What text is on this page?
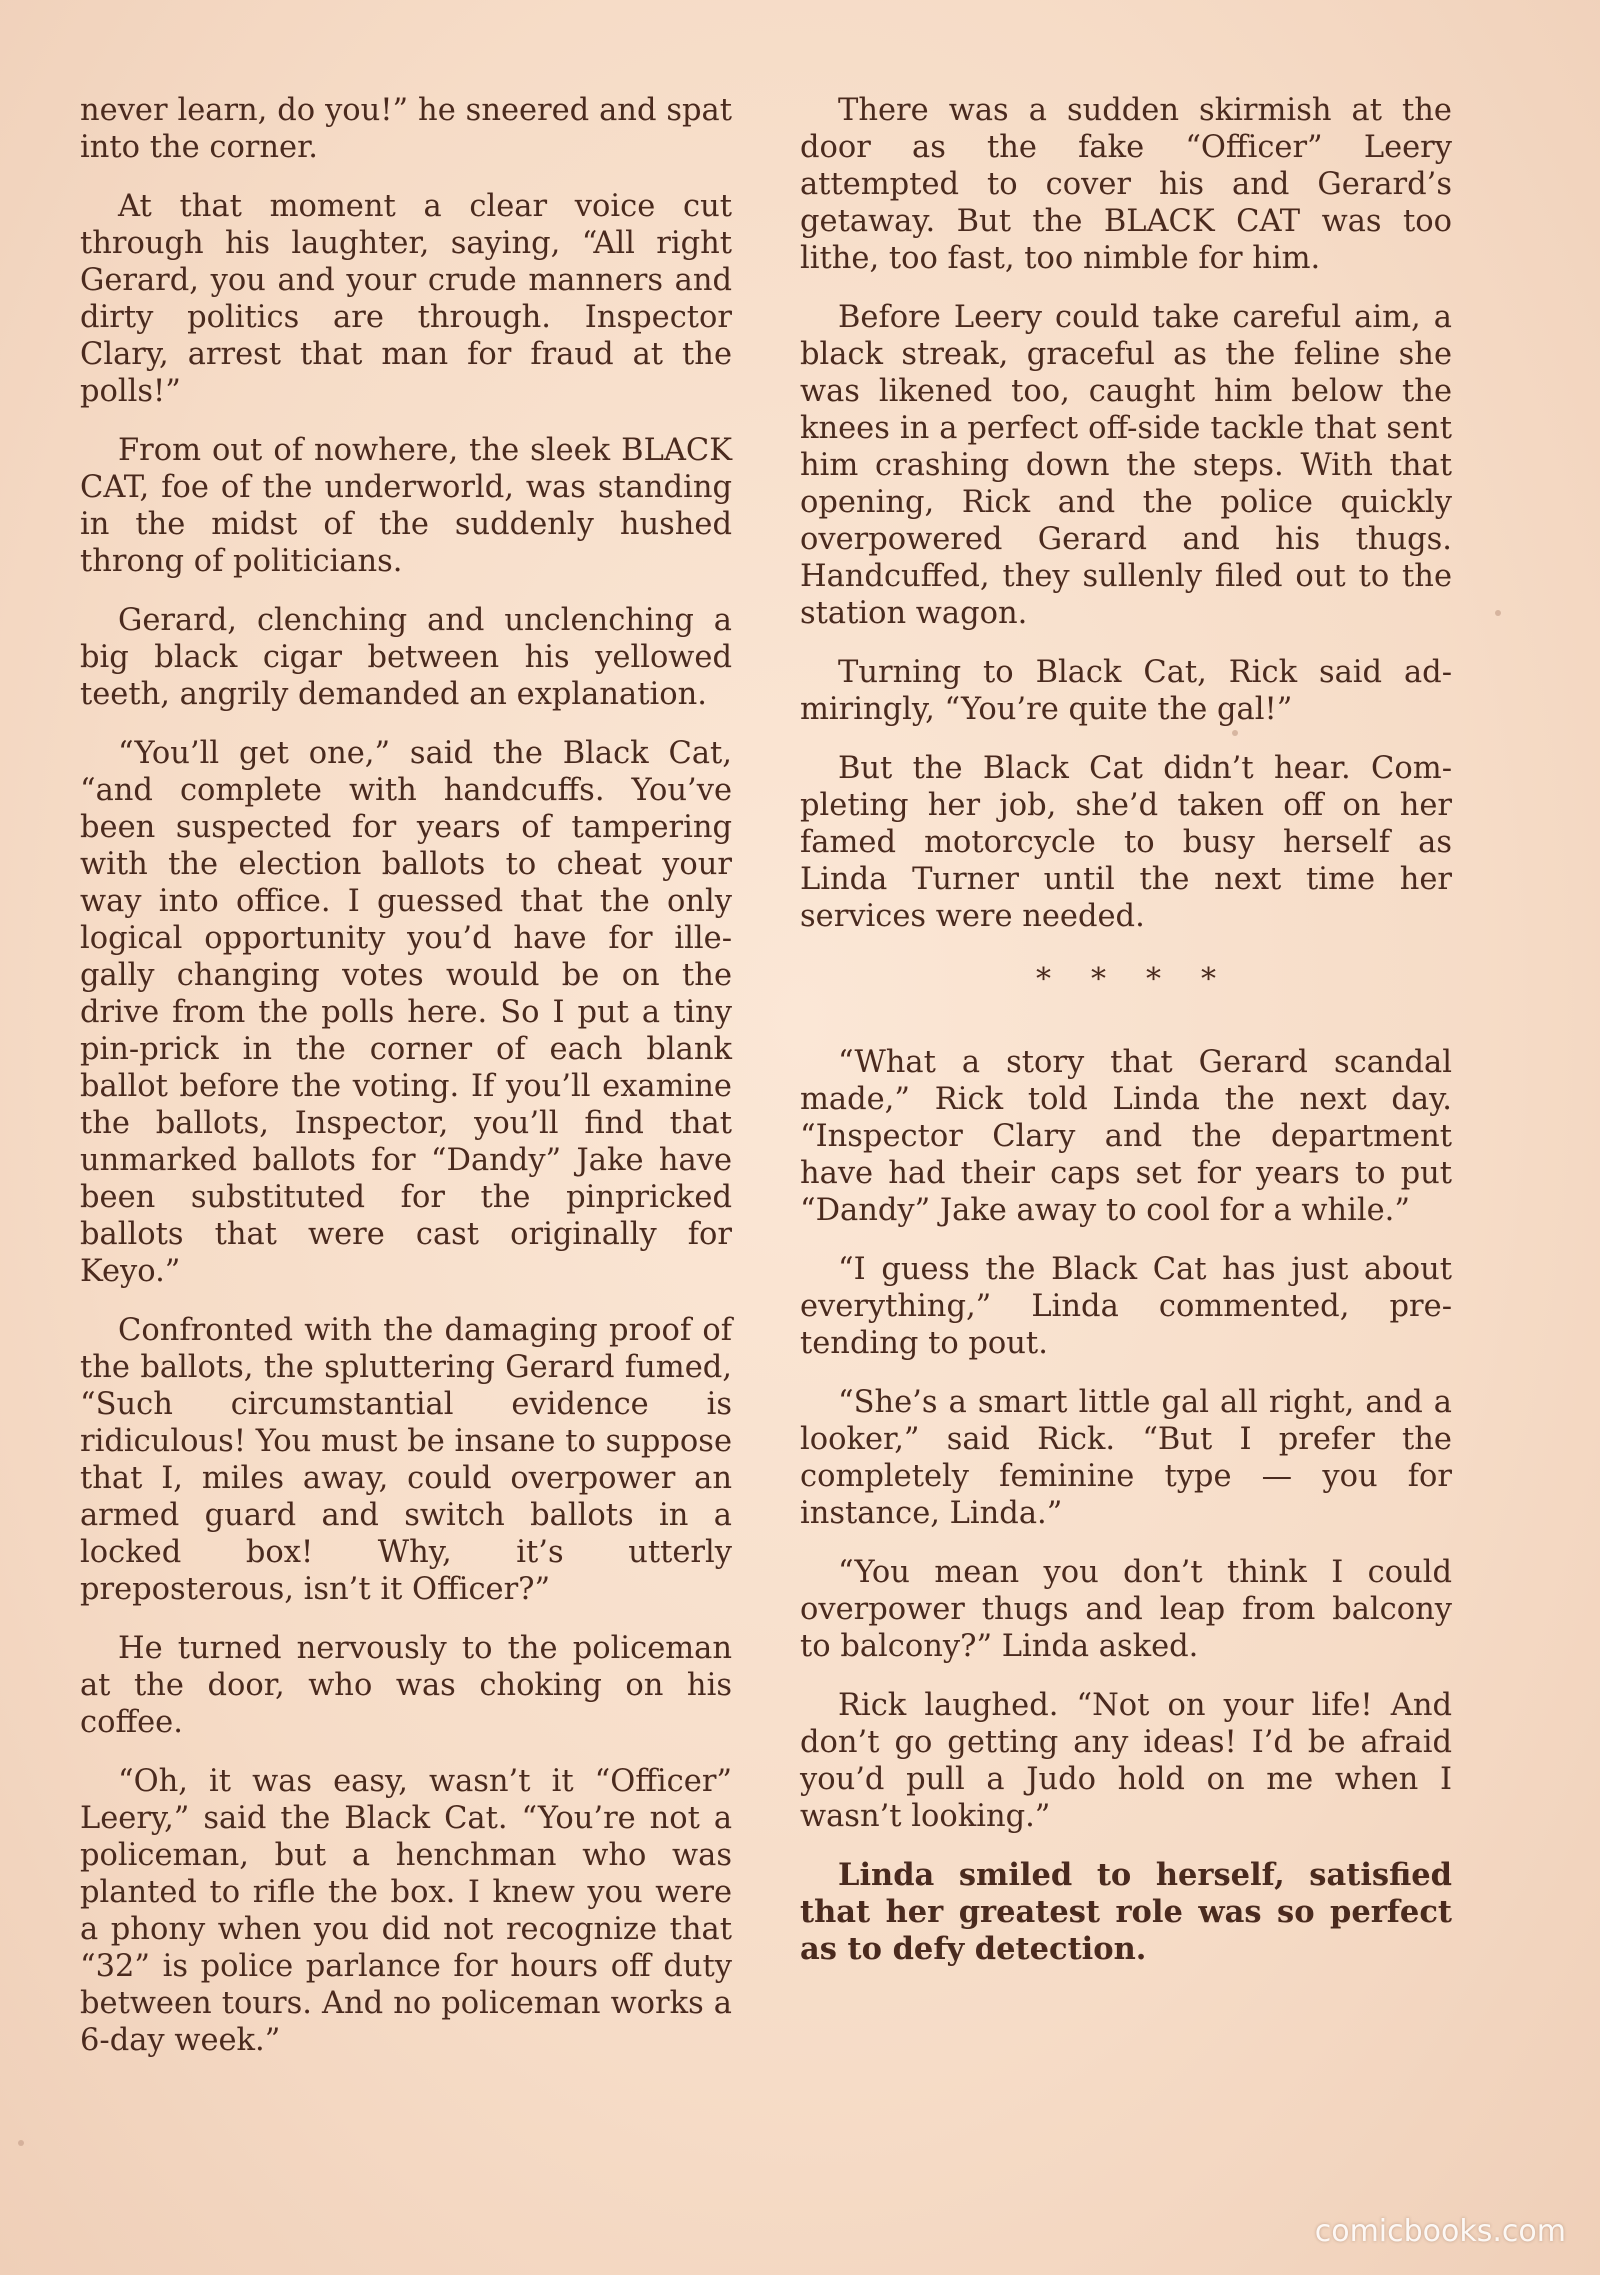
never learn, do you!” he sneered and spat into the corner.

At that moment a clear voice cut through his laughter, saying, “All right Gerard, you and your crude manners and dirty politics are through. Inspector Clary, arrest that man for fraud at the polls!”

From out of nowhere, the sleek BLACK CAT, foe of the underworld, was standing in the midst of the suddenly hushed throng of politicians.

Gerard, clenching and unclenching a big black cigar between his yellowed teeth, angrily demanded an explanation.

“You’ll get one,” said the Black Cat, “and complete with handcuffs. You’ve been suspected for years of tampering with the election ballots to cheat your way into office. I guessed that the only logical opportunity you’d have for illegally changing votes would be on the drive from the polls here. So I put a tiny pin-prick in the corner of each blank ballot before the voting. If you’ll examine the ballots, Inspector, you’ll find that unmarked ballots for “Dandy” Jake have been substituted for the pinpricked ballots that were cast originally for Keyo.”

Confronted with the damaging proof of the ballots, the spluttering Gerard fumed, “Such circumstantial evidence is ridiculous! You must be insane to suppose that I, miles away, could overpower an armed guard and switch ballots in a locked box! Why, it’s utterly preposterous, isn’t it Officer?”

He turned nervously to the policeman at the door, who was choking on his coffee.

“Oh, it was easy, wasn’t it “Officer” Leery,” said the Black Cat. “You’re not a policeman, but a henchman who was planted to rifle the box. I knew you were a phony when you did not recognize that “32” is police parlance for hours off duty between tours. And no policeman works a 6-day week.”

There was a sudden skirmish at the door as the fake “Officer” Leery attempted to cover his and Gerard’s getaway. But the BLACK CAT was too lithe, too fast, too nimble for him.

Before Leery could take careful aim, a black streak, graceful as the feline she was likened too, caught him below the knees in a perfect off-side tackle that sent him crashing down the steps. With that opening, Rick and the police quickly overpowered Gerard and his thugs. Handcuffed, they sullenly filed out to the station wagon.

Turning to Black Cat, Rick said admiringly, “You’re quite the gal!”

But the Black Cat didn’t hear. Completing her job, she’d taken off on her famed motorcycle to busy herself as Linda Turner until the next time her services were needed.

****

“What a story that Gerard scandal made,” Rick told Linda the next day. “Inspector Clary and the department have had their caps set for years to put “Dandy” Jake away to cool for a while.”

“I guess the Black Cat has just about everything,” Linda commented, pretending to pout.

“She’s a smart little gal all right, and a looker,” said Rick. “But I prefer the completely feminine type — you for instance, Linda.”

“You mean you don’t think I could overpower thugs and leap from balcony to balcony?” Linda asked.

Rick laughed. “Not on your life! And don’t go getting any ideas! I’d be afraid you’d pull a Judo hold on me when I wasn’t looking.”

Linda smiled to herself, satisfied that her greatest role was so perfect as to defy detection.

comicbooks.com
